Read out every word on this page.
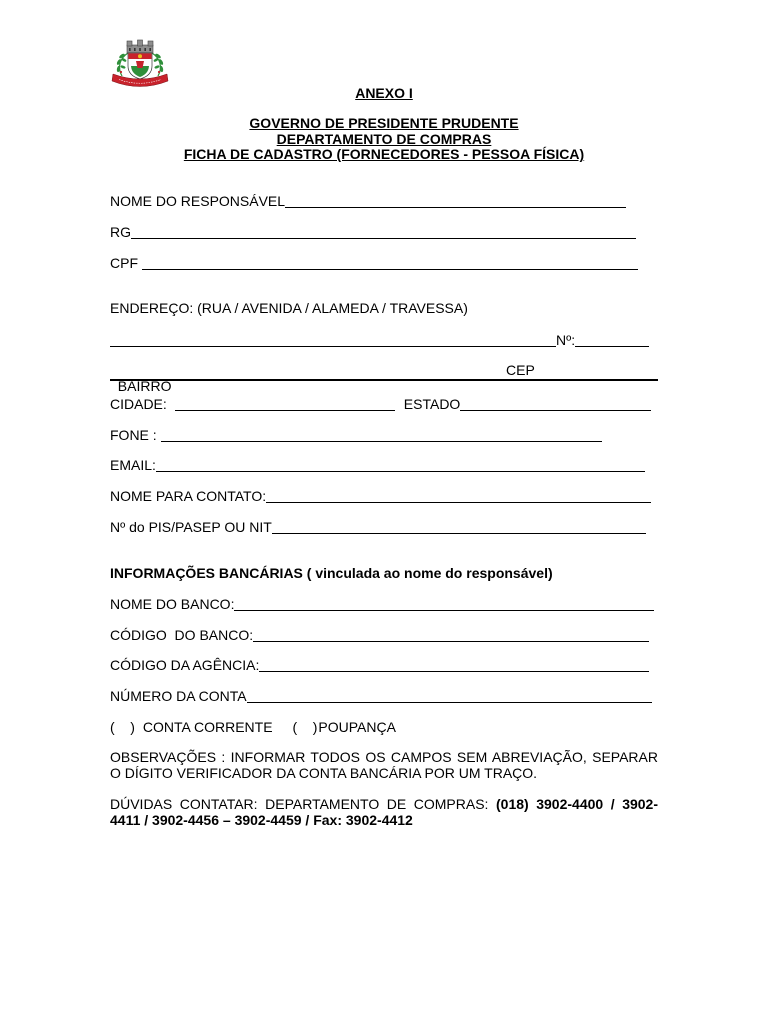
ANEXO I
GOVERNO DE PRESIDENTE PRUDENTE
DEPARTAMENTO DE COMPRAS
FICHA DE CADASTRO (FORNECEDORES - PESSOA FÍSICA)
NOME DO RESPONSÁVEL
RG
CPF
ENDEREÇO: (RUA / AVENIDA / ALAMEDA / TRAVESSA)
Nº:

BAIRRO

CEP

CIDADE:	ESTADO
FONE :
EMAIL:
NOME PARA CONTATO:
Nº do PIS/PASEP OU NIT
INFORMAÇÕES BANCÁRIAS ( vinculada ao nome do responsável)
NOME DO BANCO:
CÓDIGO  DO BANCO:
CÓDIGO DA AGÊNCIA:
NÚMERO DA CONTA
(    ) CONTA CORRENTE (    ) POUPANÇA

OBSERVAÇÕES : INFORMAR TODOS OS CAMPOS SEM ABREVIAÇÃO, SEPARAR O DÍGITO VERIFICADOR DA CONTA BANCÁRIA POR UM TRAÇO.

DÚVIDAS CONTATAR: DEPARTAMENTO DE COMPRAS: (018) 3902-4400 / 3902-4411 / 3902-4456 – 3902-4459 / Fax: 3902-4412
